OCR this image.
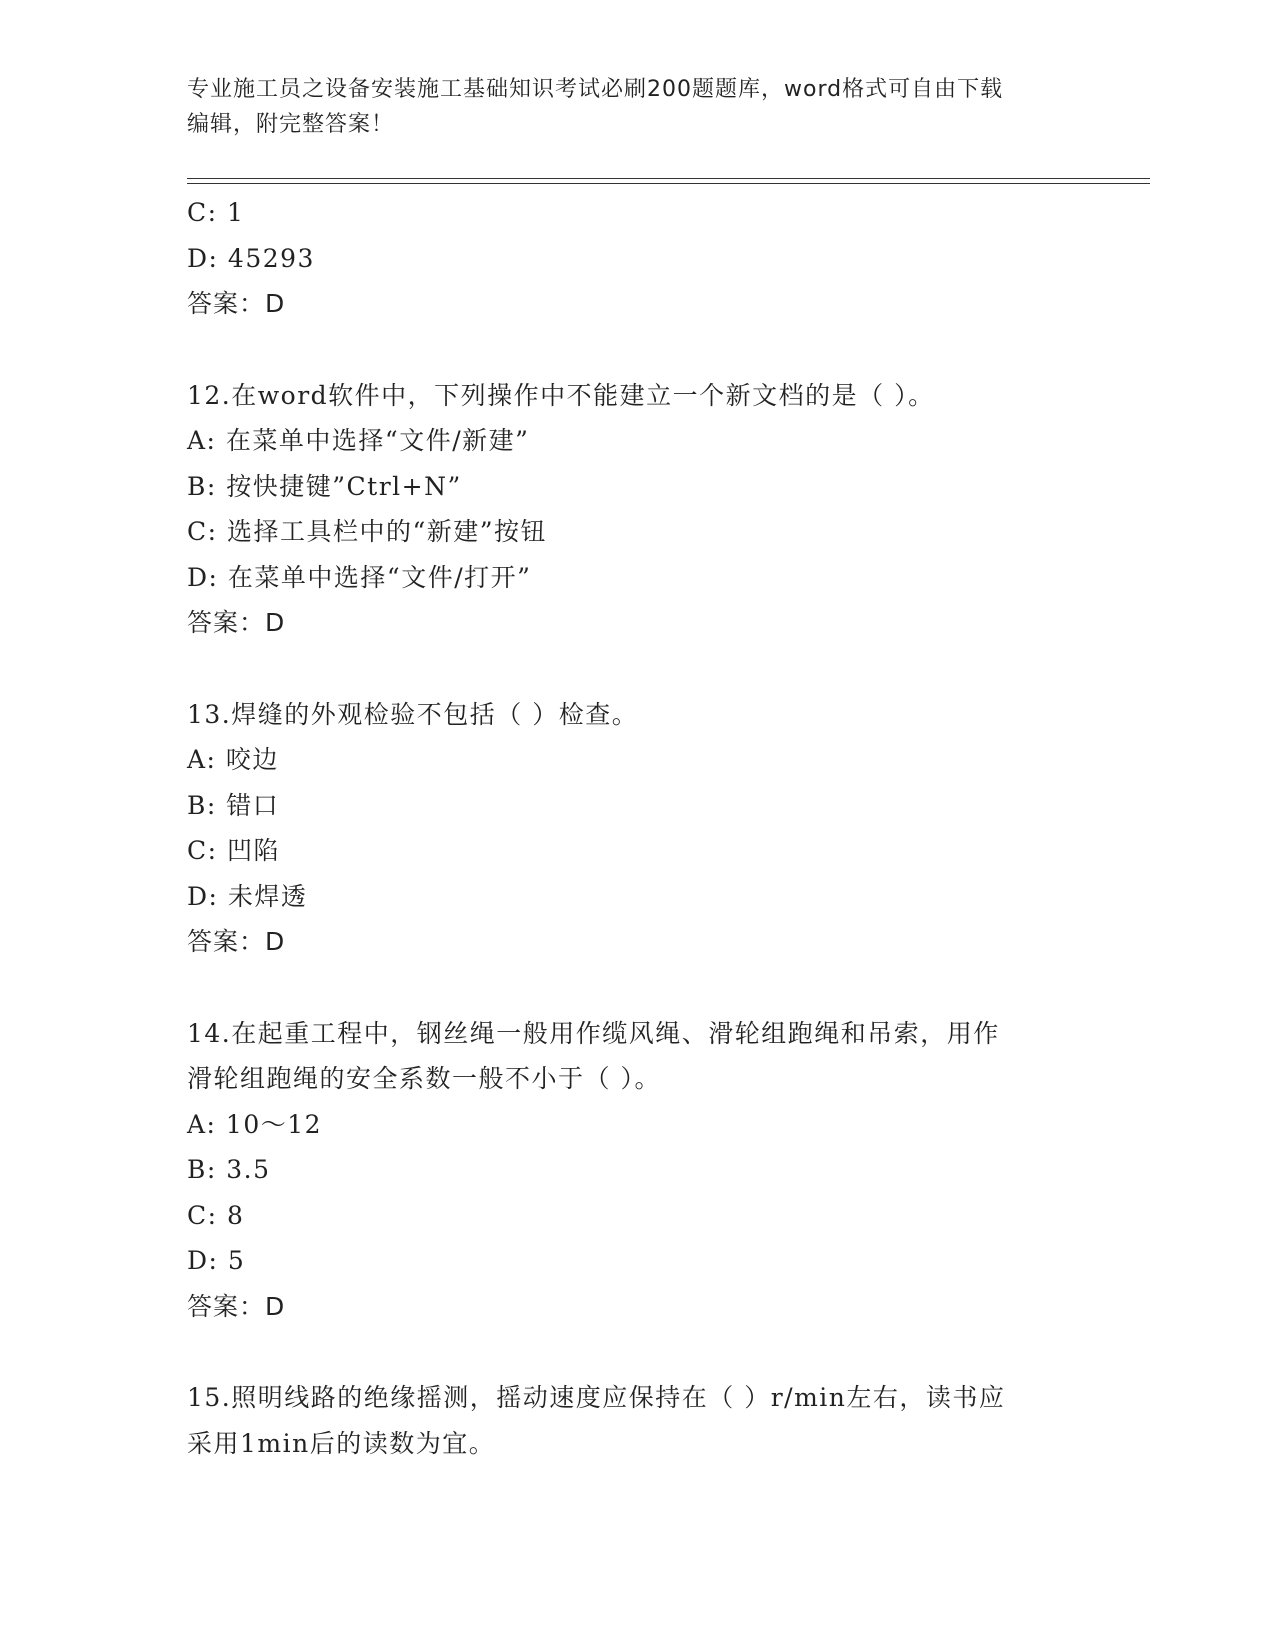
专业施工员之设备安装施工基础知识考试必刷200题题库，word格式可自由下载
编辑，附完整答案！
C: 1
D: 45293
答案：D
12.在word软件中，下列操作中不能建立一个新文档的是（ ）。
A: 在菜单中选择“文件/新建”
B: 按快捷键”Ctrl+N”
C: 选择工具栏中的“新建”按钮
D: 在菜单中选择“文件/打开”
答案：D
13.焊缝的外观检验不包括（ ）检查。
A: 咬边
B: 错口
C: 凹陷
D: 未焊透
答案：D
14.在起重工程中，钢丝绳一般用作缆风绳、滑轮组跑绳和吊索，用作
滑轮组跑绳的安全系数一般不小于（ ）。
A: 10～12
B: 3.5
C: 8
D: 5
答案：D
15.照明线路的绝缘摇测，摇动速度应保持在（ ）r/min左右，读书应
采用1min后的读数为宜。
